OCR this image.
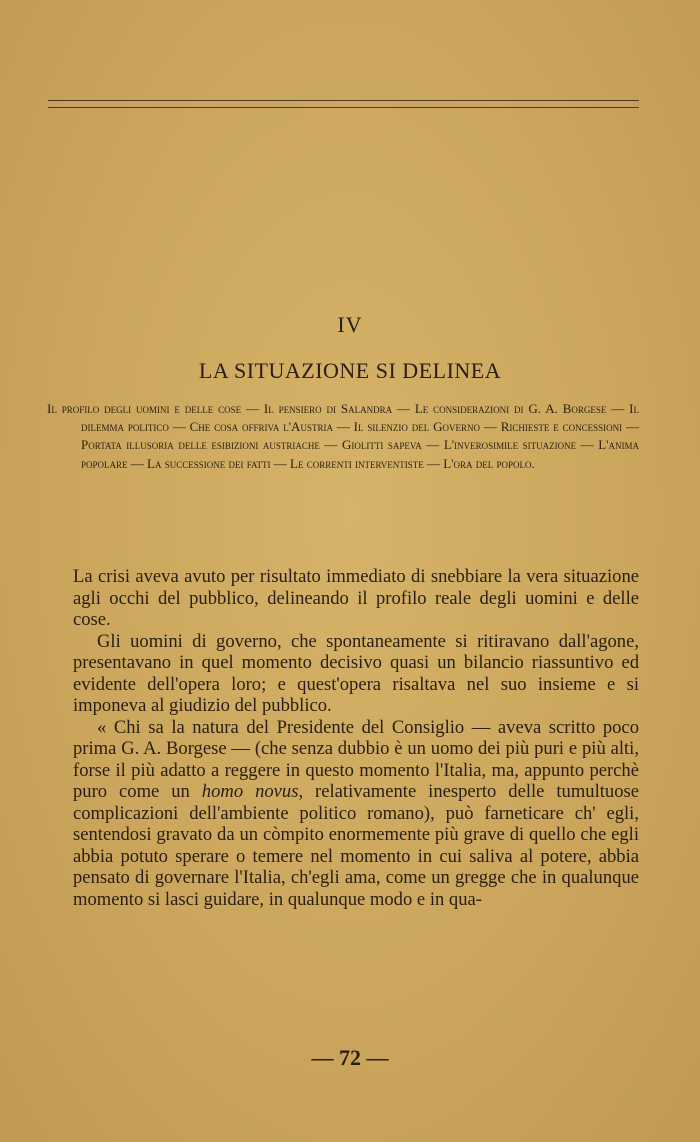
IV
LA SITUAZIONE SI DELINEA
Il profilo degli uomini e delle cose — Il pensiero di Salandra — Le considerazioni di G. A. Borgese — Il dilemma politico — Che cosa offriva l'Austria — Il silenzio del Governo — Richieste e concessioni — Portata illusoria delle esibizioni austriache — Giolitti sapeva — L'inverosimile situazione — L'anima popolare — La successione dei fatti — Le correnti interventiste — L'ora del popolo.

La crisi aveva avuto per risultato immediato di snebbiare la vera situazione agli occhi del pubblico, delineando il profilo reale degli uomini e delle cose.

Gli uomini di governo, che spontaneamente si ritiravano dall'agone, presentavano in quel momento decisivo quasi un bilancio riassuntivo ed evidente dell'opera loro; e quest'opera risaltava nel suo insieme e si imponeva al giudizio del pubblico.

« Chi sa la natura del Presidente del Consiglio — aveva scritto poco prima G. A. Borgese — (che senza dubbio è un uomo dei più puri e più alti, forse il più adatto a reggere in questo momento l'Italia, ma, appunto perchè puro come un homo novus, relativamente inesperto delle tumultuose complicazioni dell'ambiente politico romano), può farneticare ch' egli, sentendosi gravato da un còmpito enormemente più grave di quello che egli abbia potuto sperare o temere nel momento in cui saliva al potere, abbia pensato di governare l'Italia, ch'egli ama, come un gregge che in qualunque momento si lasci guidare, in qualunque modo e in qua-

— 72 —
